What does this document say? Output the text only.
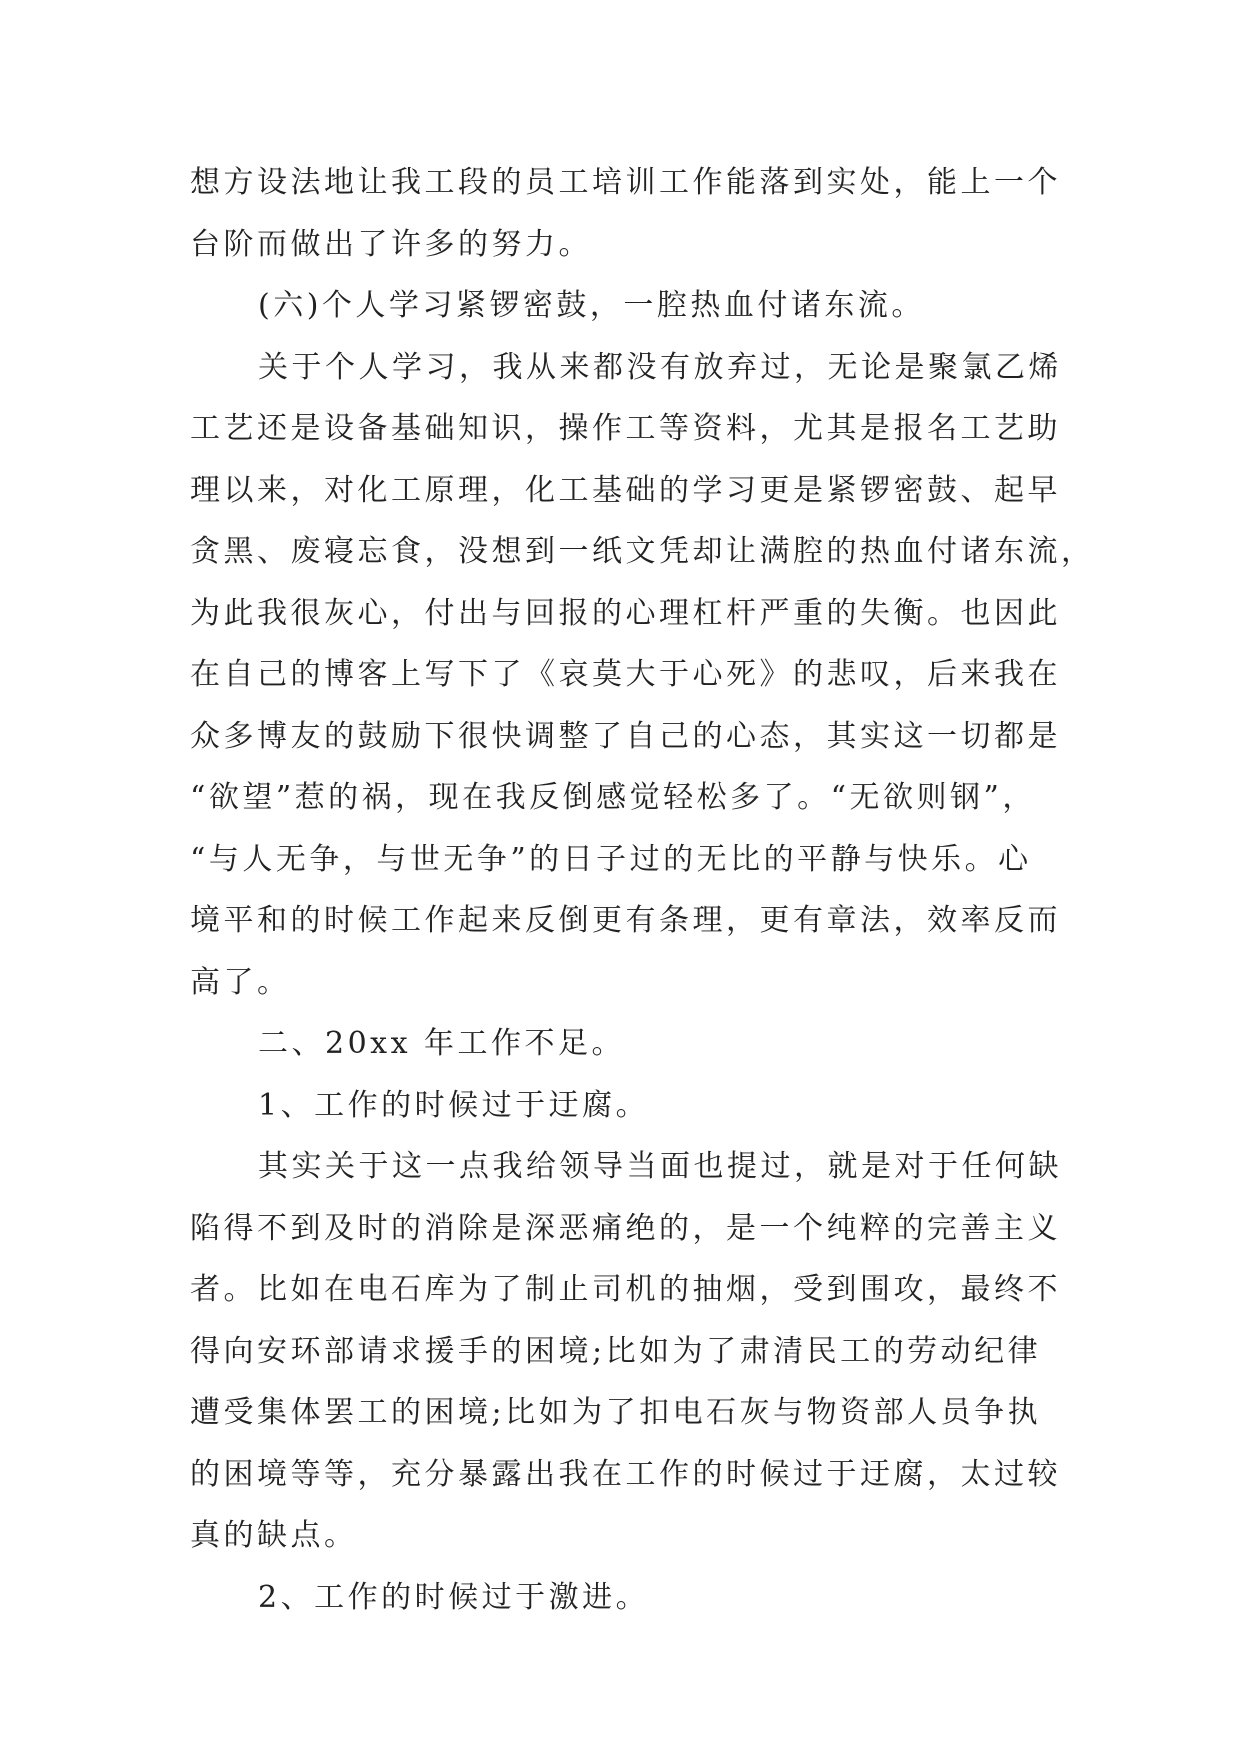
想方设法地让我工段的员工培训工作能落到实处，能上一个
台阶而做出了许多的努力。
(六)个人学习紧锣密鼓，一腔热血付诸东流。
关于个人学习，我从来都没有放弃过，无论是聚氯乙烯
工艺还是设备基础知识，操作工等资料，尤其是报名工艺助
理以来，对化工原理，化工基础的学习更是紧锣密鼓、起早
贪黑、废寝忘食，没想到一纸文凭却让满腔的热血付诸东流，
为此我很灰心，付出与回报的心理杠杆严重的失衡。也因此
在自己的博客上写下了《哀莫大于心死》的悲叹，后来我在
众多博友的鼓励下很快调整了自己的心态，其实这一切都是
“欲望”惹的祸，现在我反倒感觉轻松多了。“无欲则钢”，
“与人无争，与世无争”的日子过的无比的平静与快乐。心
境平和的时候工作起来反倒更有条理，更有章法，效率反而
高了。
二、20xx 年工作不足。
1、工作的时候过于迂腐。
其实关于这一点我给领导当面也提过，就是对于任何缺
陷得不到及时的消除是深恶痛绝的，是一个纯粹的完善主义
者。比如在电石库为了制止司机的抽烟，受到围攻，最终不
得向安环部请求援手的困境;比如为了肃清民工的劳动纪律
遭受集体罢工的困境;比如为了扣电石灰与物资部人员争执
的困境等等，充分暴露出我在工作的时候过于迂腐，太过较
真的缺点。
2、工作的时候过于激进。
